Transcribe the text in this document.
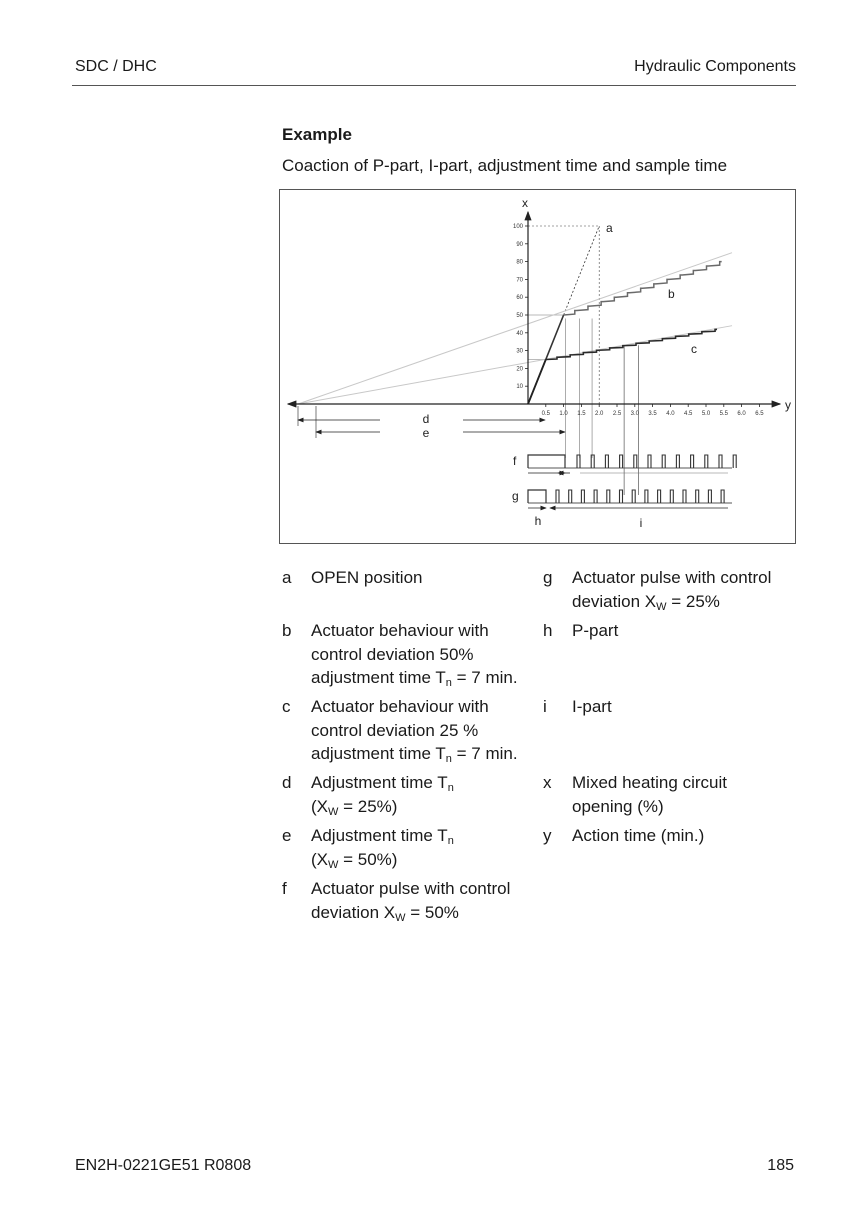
SDC / DHC	Hydraulic Components
Example
Coaction of P-part, I-part, adjustment time and sample time
x
y
10
20
30
40
50
60
70
80
90
100
0.5 1.0 1.5 2.0 2.5 3.0 3.5 4.0 4.5 5.0 5.5 6.0 6.5
d
e
a
b
c
f
g
h	i
a OPEN position
b Actuator behaviour with
control deviation 50%
adjustment time $T_n = 7$ min.
c Actuator behaviour with
control deviation 25 %
adjustment time $T_n = 7$ min.
d Adjustment time $T_n$
$(X_W = 25\%)$
e Adjustment time $T_n$
$(X_W = 50\%)$
f Actuator pulse with control
deviation $X_W = 50\%$
g Actuator pulse with control
deviation $X_W = 25\%$
h P-part
i I-part
x Mixed heating circuit
opening (%)
y Action time (min.)
EN2H-0221GE51 R0808	185
